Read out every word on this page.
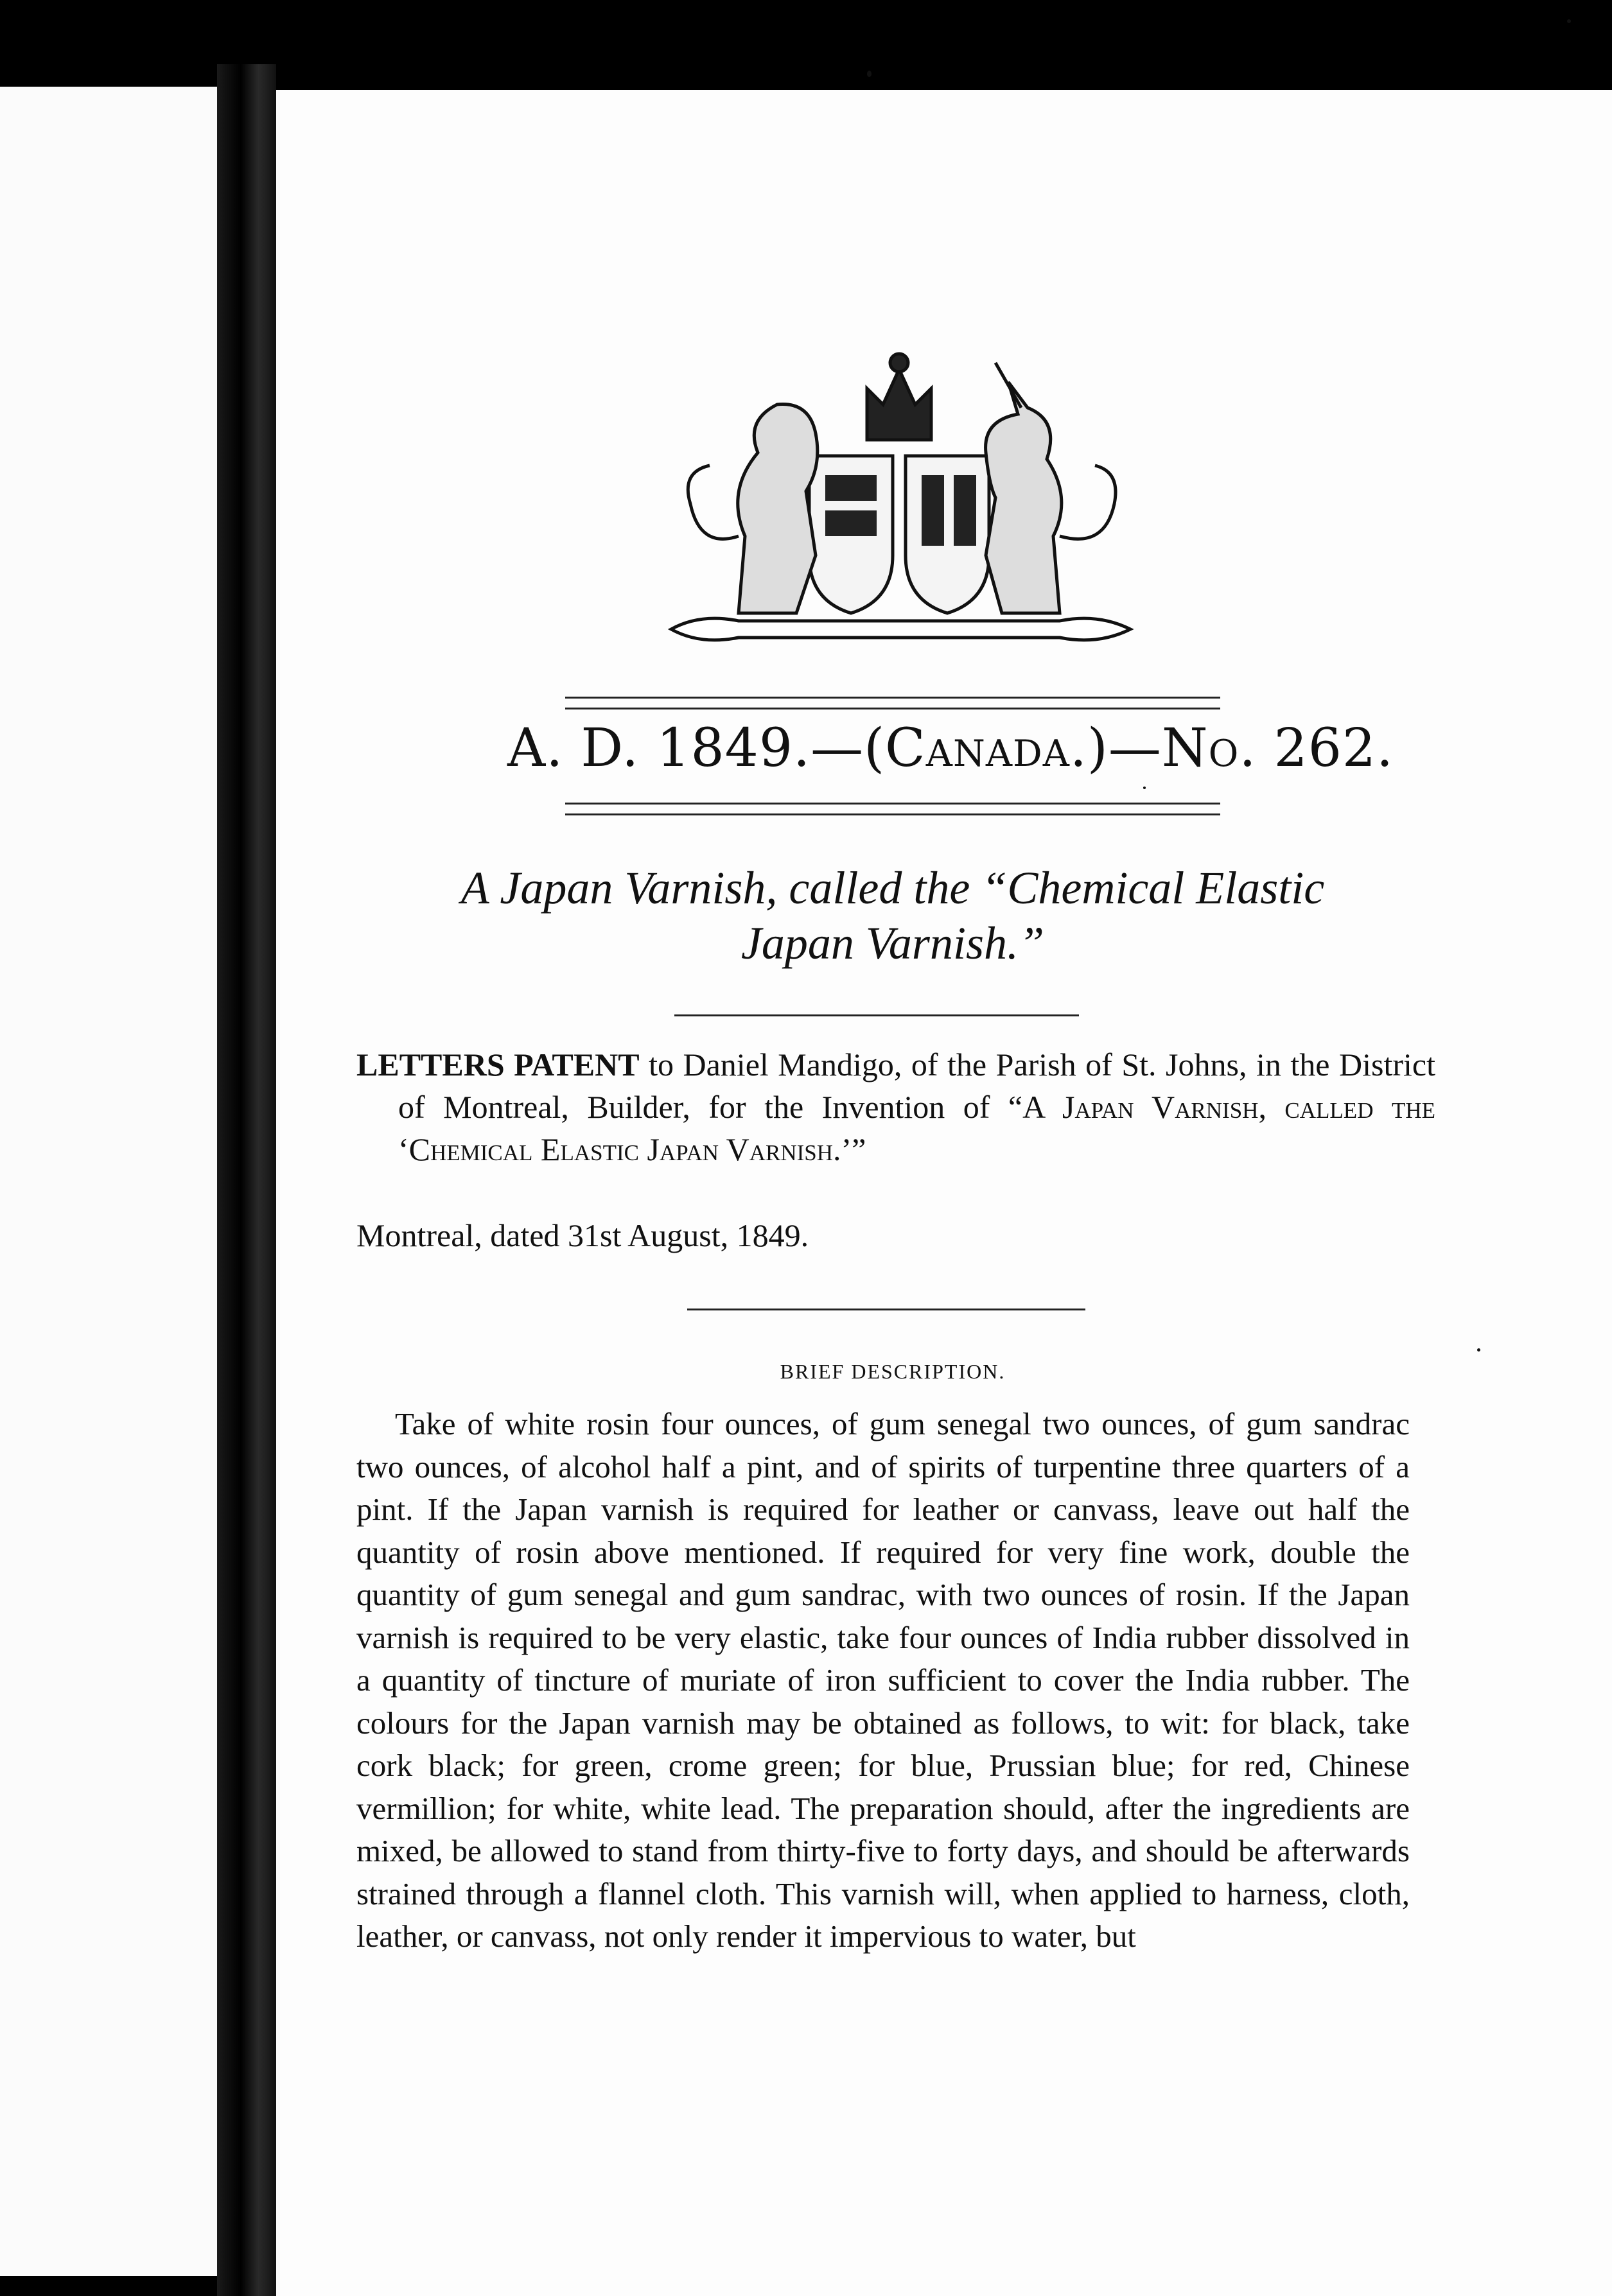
A. D. 1849.—(Canada.)—No. 262.
A Japan Varnish, called the “Chemical Elastic
Japan Varnish.”
LETTERS PATENT to Daniel Mandigo, of the Parish of St. Johns, in the District of Montreal, Builder, for the Invention of “A Japan Varnish, called the ‘Chemical Elastic Japan Varnish.’”
Montreal, dated 31st August, 1849.
BRIEF DESCRIPTION.

Take of white rosin four ounces, of gum senegal two ounces, of gum sandrac two ounces, of alcohol half a pint, and of spirits of turpentine three quarters of a pint. If the Japan varnish is required for leather or canvass, leave out half the quantity of rosin above mentioned. If required for very fine work, double the quantity of gum senegal and gum sandrac, with two ounces of rosin. If the Japan varnish is required to be very elastic, take four ounces of India rubber dissolved in a quantity of tincture of muriate of iron sufficient to cover the India rubber. The colours for the Japan varnish may be obtained as follows, to wit: for black, take cork black; for green, crome green; for blue, Prussian blue; for red, Chinese vermillion; for white, white lead. The preparation should, after the ingredients are mixed, be allowed to stand from thirty-five to forty days, and should be afterwards strained through a flannel cloth. This varnish will, when applied to harness, cloth, leather, or canvass, not only render it impervious to water, but
